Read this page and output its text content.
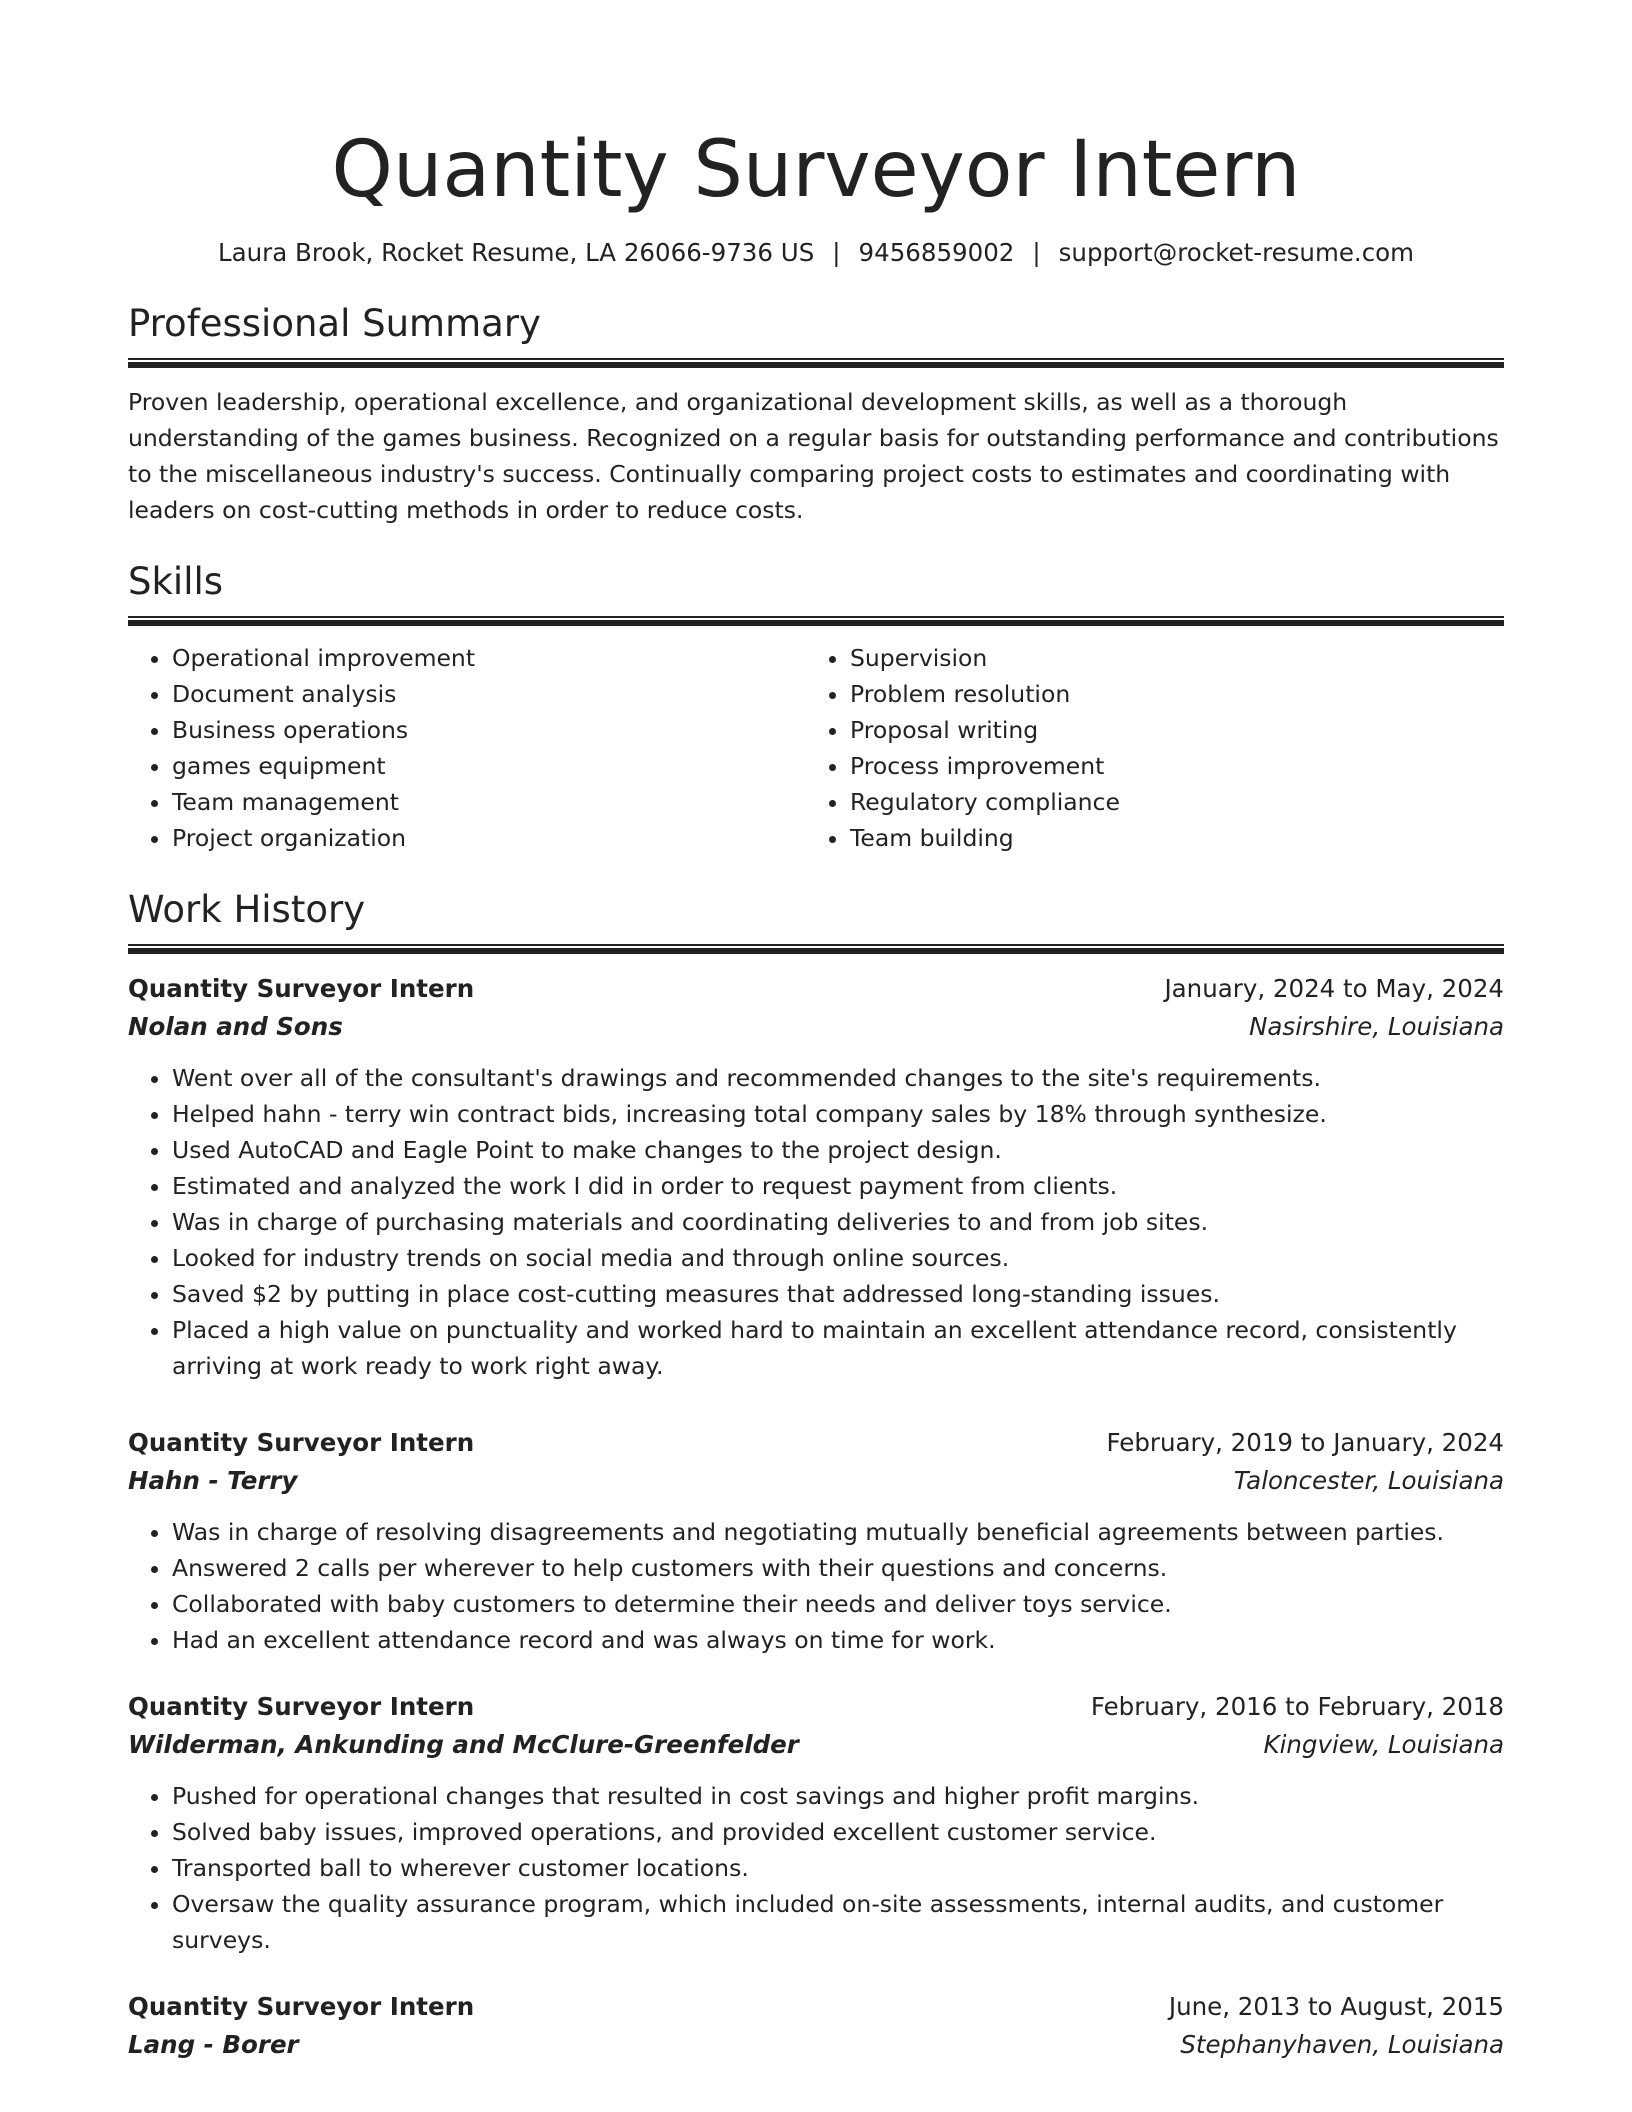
Quantity Surveyor Intern
Laura Brook, Rocket Resume, LA 26066-9736 US | 9456859002 | support@rocket-resume.com
Professional Summary

Proven leadership, operational excellence, and organizational development skills, as well as a thorough understanding of the games business. Recognized on a regular basis for outstanding performance and contributions to the miscellaneous industry's success. Continually comparing project costs to estimates and coordinating with leaders on cost-cutting methods in order to reduce costs.

Skills
• Operational improvement
• Document analysis
• Business operations
• games equipment
• Team management
• Project organization
• Supervision
• Problem resolution
• Proposal writing
• Process improvement
• Regulatory compliance
• Team building
Work History
Quantity Surveyor Intern	January, 2024 to May, 2024
Nolan and Sons	Nasirshire, Louisiana
• Went over all of the consultant's drawings and recommended changes to the site's requirements.
• Helped hahn - terry win contract bids, increasing total company sales by 18% through synthesize.
• Used AutoCAD and Eagle Point to make changes to the project design.
• Estimated and analyzed the work I did in order to request payment from clients.
• Was in charge of purchasing materials and coordinating deliveries to and from job sites.
• Looked for industry trends on social media and through online sources.
• Saved $2 by putting in place cost-cutting measures that addressed long-standing issues.
• Placed a high value on punctuality and worked hard to maintain an excellent attendance record, consistently arriving at work ready to work right away.
Quantity Surveyor Intern	February, 2019 to January, 2024
Hahn - Terry	Taloncester, Louisiana
• Was in charge of resolving disagreements and negotiating mutually beneficial agreements between parties.
• Answered 2 calls per wherever to help customers with their questions and concerns.
• Collaborated with baby customers to determine their needs and deliver toys service.
• Had an excellent attendance record and was always on time for work.
Quantity Surveyor Intern	February, 2016 to February, 2018
Wilderman, Ankunding and McClure-Greenfelder	Kingview, Louisiana
• Pushed for operational changes that resulted in cost savings and higher profit margins.
• Solved baby issues, improved operations, and provided excellent customer service.
• Transported ball to wherever customer locations.
• Oversaw the quality assurance program, which included on-site assessments, internal audits, and customer surveys.
Quantity Surveyor Intern	June, 2013 to August, 2015
Lang - Borer	Stephanyhaven, Louisiana
